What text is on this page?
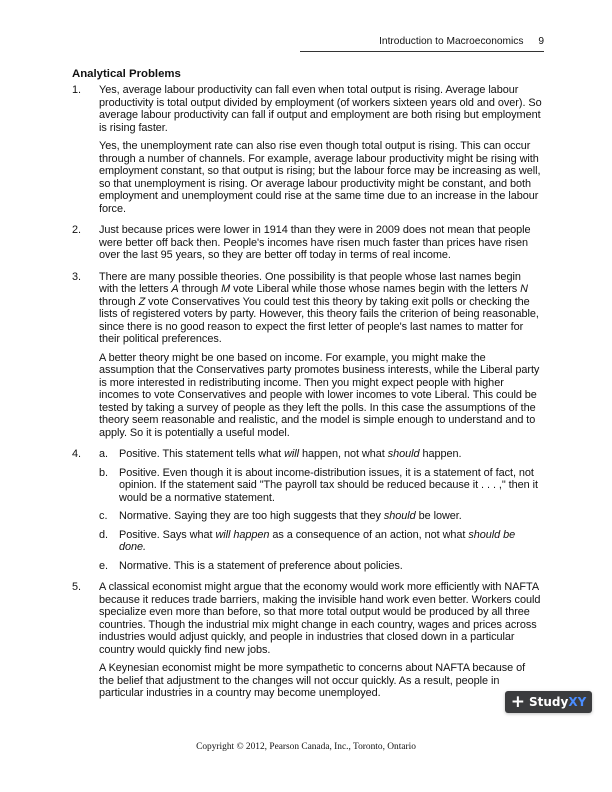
Introduction to Macroeconomics 9
Analytical Problems
1. Yes, average labour productivity can fall even when total output is rising. Average labour productivity is total output divided by employment (of workers sixteen years old and over). So average labour productivity can fall if output and employment are both rising but employment is rising faster.

Yes, the unemployment rate can also rise even though total output is rising. This can occur through a number of channels. For example, average labour productivity might be rising with employment constant, so that output is rising; but the labour force may be increasing as well, so that unemployment is rising. Or average labour productivity might be constant, and both employment and unemployment could rise at the same time due to an increase in the labour force.

2. Just because prices were lower in 1914 than they were in 2009 does not mean that people were better off back then. People's incomes have risen much faster than prices have risen over the last 95 years, so they are better off today in terms of real income.

3. There are many possible theories. One possibility is that people whose last names begin with the letters A through M vote Liberal while those whose names begin with the letters N through Z vote Conservatives You could test this theory by taking exit polls or checking the lists of registered voters by party. However, this theory fails the criterion of being reasonable, since there is no good reason to expect the first letter of people's last names to matter for their political preferences.

A better theory might be one based on income. For example, you might make the assumption that the Conservatives party promotes business interests, while the Liberal party is more interested in redistributing income. Then you might expect people with higher incomes to vote Conservatives and people with lower incomes to vote Liberal. This could be tested by taking a survey of people as they left the polls. In this case the assumptions of the theory seem reasonable and realistic, and the model is simple enough to understand and to apply. So it is potentially a useful model.

4. a. Positive. This statement tells what will happen, not what should happen.

b. Positive. Even though it is about income-distribution issues, it is a statement of fact, not opinion. If the statement said "The payroll tax should be reduced because it . . . ," then it would be a normative statement.

c. Normative. Saying they are too high suggests that they should be lower.

d. Positive. Says what will happen as a consequence of an action, not what should be done.

e. Normative. This is a statement of preference about policies.

5. A classical economist might argue that the economy would work more efficiently with NAFTA because it reduces trade barriers, making the invisible hand work even better. Workers could specialize even more than before, so that more total output would be produced by all three countries. Though the industrial mix might change in each country, wages and prices across industries would adjust quickly, and people in industries that closed down in a particular country would quickly find new jobs.

A Keynesian economist might be more sympathetic to concerns about NAFTA because of the belief that adjustment to the changes will not occur quickly. As a result, people in particular industries in a country may become unemployed.	+ Study XY
Copyright © 2012, Pearson Canada, Inc., Toronto, Ontario
